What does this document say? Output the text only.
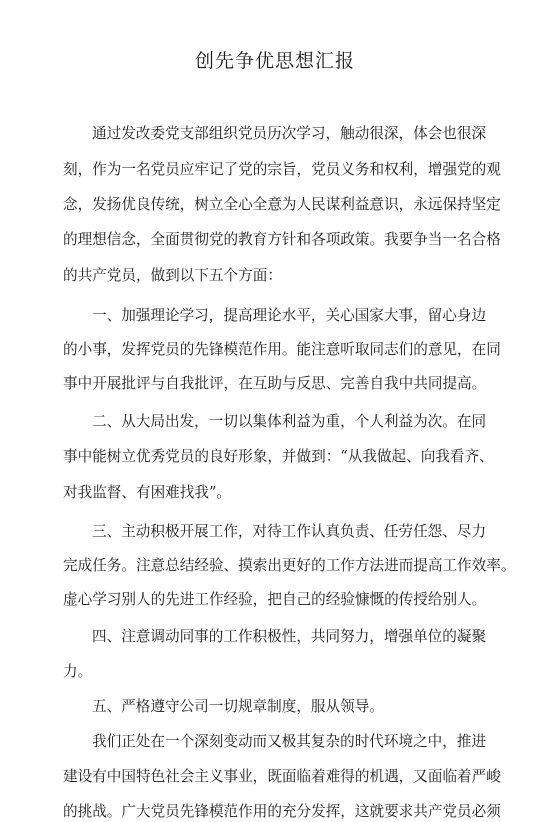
创先争优思想汇报
通过发改委党支部组织党员历次学习，触动很深，体会也很深
刻，作为一名党员应牢记了党的宗旨，党员义务和权利，增强党的观
念，发扬优良传统，树立全心全意为人民谋利益意识，永远保持坚定
的理想信念，全面贯彻党的教育方针和各项政策。我要争当一名合格
的共产党员，做到以下五个方面：
一、加强理论学习，提高理论水平，关心国家大事，留心身边
的小事，发挥党员的先锋模范作用。能注意听取同志们的意见，在同
事中开展批评与自我批评，在互助与反思、完善自我中共同提高。
二、从大局出发，一切以集体利益为重，个人利益为次。在同
事中能树立优秀党员的良好形象，并做到：“从我做起、向我看齐、
对我监督、有困难找我”。
三、主动积极开展工作，对待工作认真负责、任劳任怨、尽力
完成任务。注意总结经验、摸索出更好的工作方法进而提高工作效率。
虚心学习别人的先进工作经验，把自己的经验慷慨的传授给别人。
四、注意调动同事的工作积极性，共同努力，增强单位的凝聚
力。
五、严格遵守公司一切规章制度，服从领导。
我们正处在一个深刻变动而又极其复杂的时代环境之中，推进
建设有中国特色社会主义事业，既面临着难得的机遇，又面临着严峻
的挑战。广大党员先锋模范作用的充分发挥，这就要求共产党员必须
